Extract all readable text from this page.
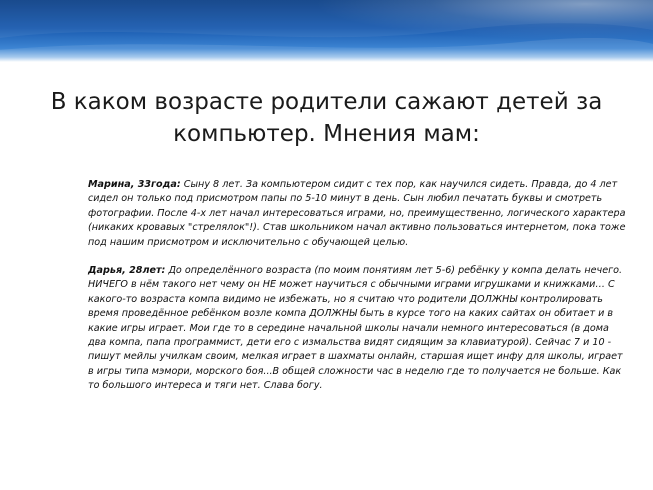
В каком возрасте родители сажают детей за компьютер. Мнения мам:

Марина, 33года: Сыну 8 лет. За компьютером сидит с тех пор, как научился сидеть. Правда, до 4 лет сидел он только под присмотром папы по 5-10 минут в день. Сын любил печатать буквы и смотреть фотографии. После 4-х лет начал интересоваться играми, но, преимущественно, логического характера (никаких кровавых "стрелялок"!). Став школьником начал активно пользоваться интернетом, пока тоже под нашим присмотром и исключительно с обучающей целью.

Дарья, 28лет: До определённого возраста (по моим понятиям лет 5-6) ребёнку у компа делать нечего. НИЧЕГО в нём такого нет чему он НЕ может научиться с обычными играми игрушками и книжками… С какого-то возраста компа видимо не избежать, но я считаю что родители ДОЛЖНЫ контролировать время проведённое ребёнком возле компа ДОЛЖНЫ быть в курсе того на каких сайтах он обитает и в какие игры играет. Мои где то в середине начальной школы начали немного интересоваться (в дома два компа, папа программист, дети его с измальства видят сидящим за клавиатурой). Сейчас 7 и 10 - пишут мейлы училкам своим, мелкая играет в шахматы онлайн, старшая ищет инфу для школы, играет в игры типа мэмори, морского боя...В общей сложности час в неделю где то получается не больше. Как то большого интереса и тяги нет. Слава богу.
